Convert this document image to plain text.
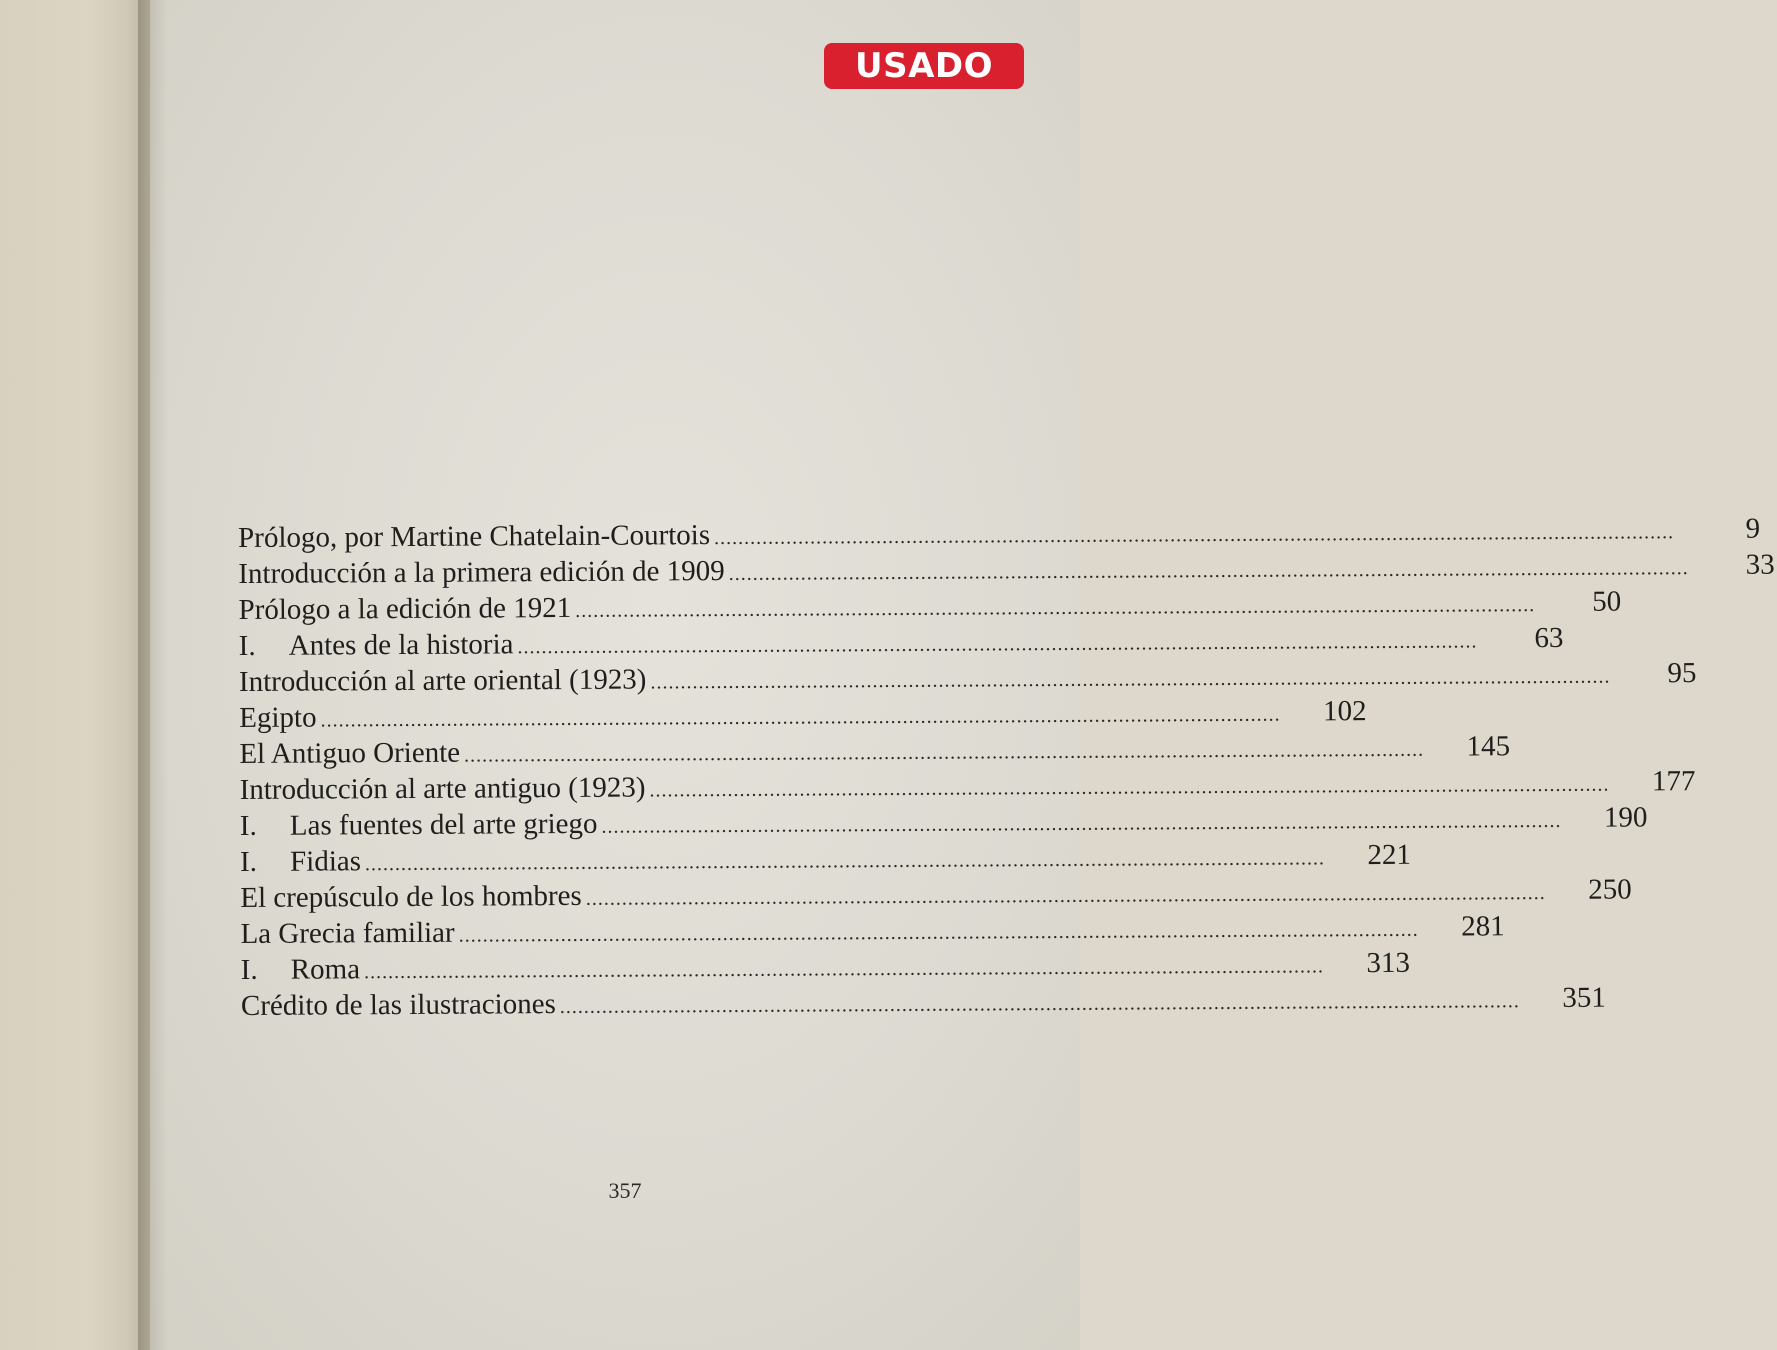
USADO
Prólogo, por Martine Chatelain-Courtois ................................................................................................................................................................	9
Introducción a la primera edición de 1909 ................................................................................................................................................................	33
Prólogo a la edición de 1921 ................................................................................................................................................................	50
I. Antes de la historia ................................................................................................................................................................	63
Introducción al arte oriental (1923) ................................................................................................................................................................	95
Egipto ................................................................................................................................................................	102
El Antiguo Oriente ................................................................................................................................................................	145
Introducción al arte antiguo (1923) ................................................................................................................................................................	177
I. Las fuentes del arte griego ................................................................................................................................................................	190
I. Fidias ................................................................................................................................................................	221
El crepúsculo de los hombres ................................................................................................................................................................	250
La Grecia familiar ................................................................................................................................................................	281
I. Roma ................................................................................................................................................................	313
Crédito de las ilustraciones ................................................................................................................................................................	351
357
